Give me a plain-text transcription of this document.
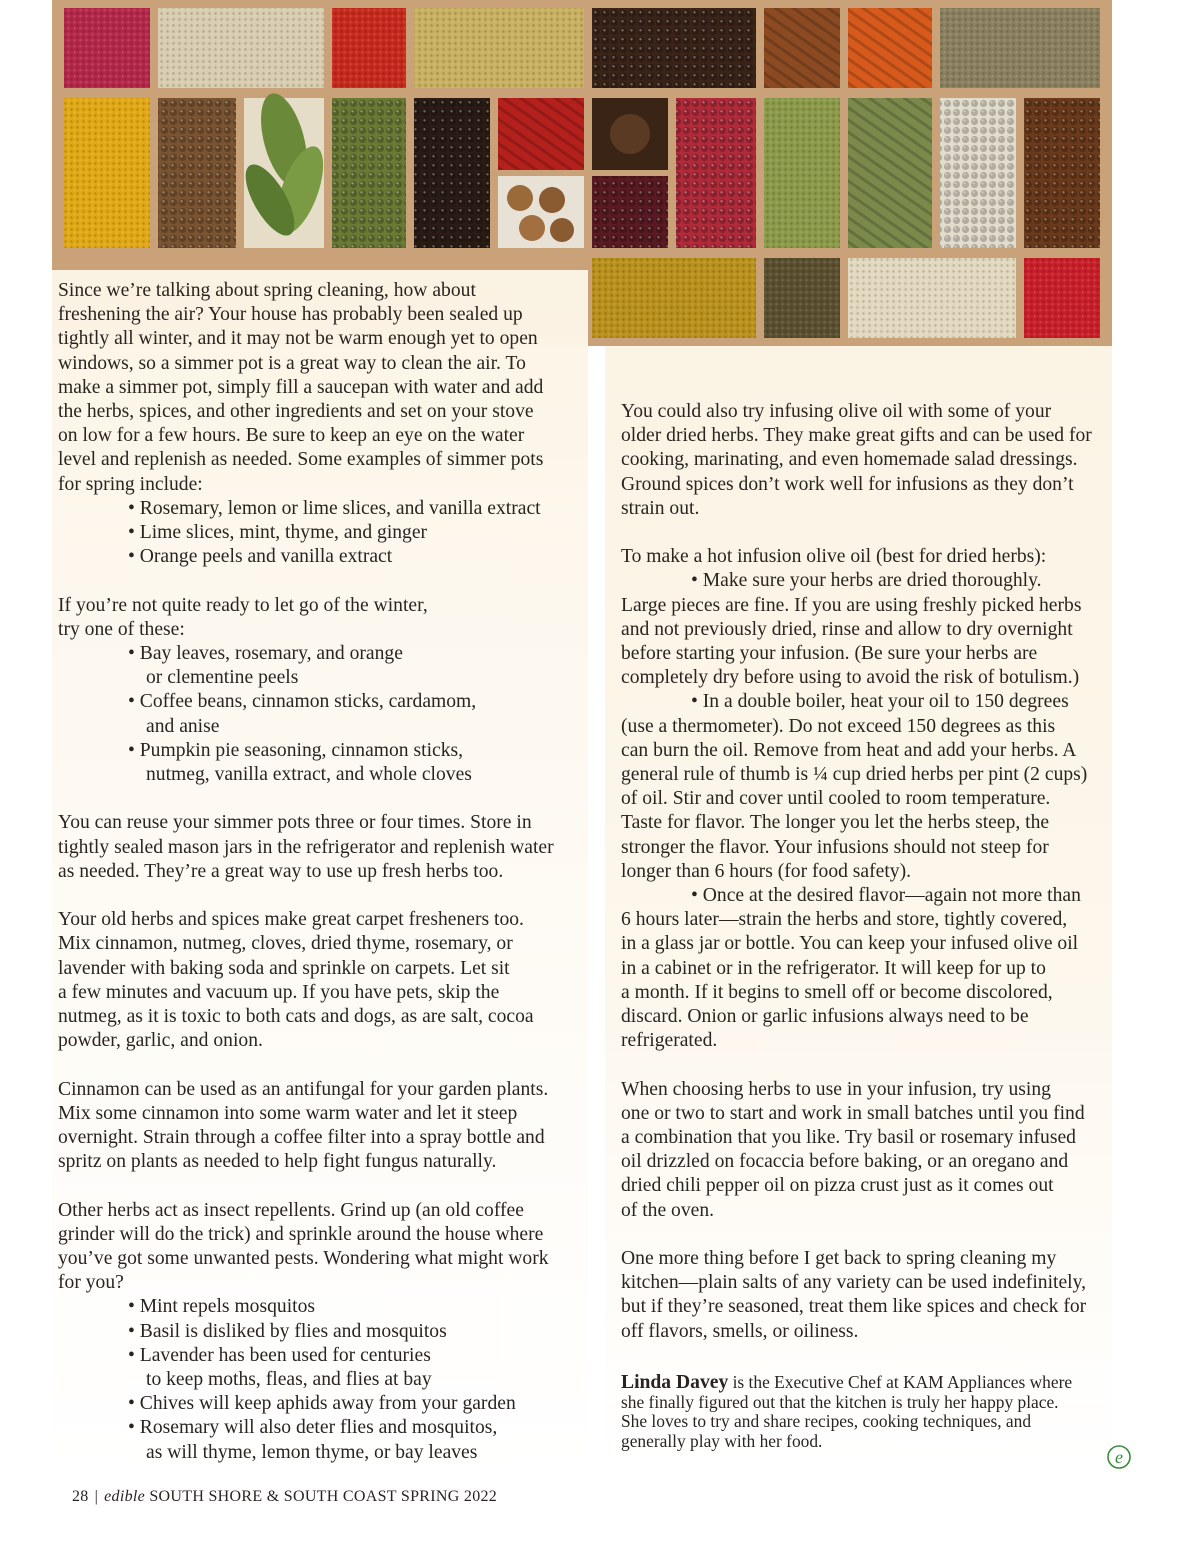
Since we’re talking about spring cleaning, how about

freshening the air? Your house has probably been sealed up

tightly all winter, and it may not be warm enough yet to open

windows, so a simmer pot is a great way to clean the air. To

make a simmer pot, simply fill a saucepan with water and add

the herbs, spices, and other ingredients and set on your stove

on low for a few hours. Be sure to keep an eye on the water

level and replenish as needed. Some examples of simmer pots

for spring include:

• Rosemary, lemon or lime slices, and vanilla extract

• Lime slices, mint, thyme, and ginger

• Orange peels and vanilla extract

If you’re not quite ready to let go of the winter,

try one of these:

• Bay leaves, rosemary, and orange

or clementine peels

• Coffee beans, cinnamon sticks, cardamom,

and anise

• Pumpkin pie seasoning, cinnamon sticks,

nutmeg, vanilla extract, and whole cloves

You can reuse your simmer pots three or four times. Store in

tightly sealed mason jars in the refrigerator and replenish water

as needed. They’re a great way to use up fresh herbs too.

Your old herbs and spices make great carpet fresheners too.

Mix cinnamon, nutmeg, cloves, dried thyme, rosemary, or

lavender with baking soda and sprinkle on carpets. Let sit

a few minutes and vacuum up. If you have pets, skip the

nutmeg, as it is toxic to both cats and dogs, as are salt, cocoa

powder, garlic, and onion.

Cinnamon can be used as an antifungal for your garden plants.

Mix some cinnamon into some warm water and let it steep

overnight. Strain through a coffee filter into a spray bottle and

spritz on plants as needed to help fight fungus naturally.

Other herbs act as insect repellents. Grind up (an old coffee

grinder will do the trick) and sprinkle around the house where

you’ve got some unwanted pests. Wondering what might work

for you?

• Mint repels mosquitos

• Basil is disliked by flies and mosquitos

• Lavender has been used for centuries

to keep moths, fleas, and flies at bay

• Chives will keep aphids away from your garden

• Rosemary will also deter flies and mosquitos,

as will thyme, lemon thyme, or bay leaves

You could also try infusing olive oil with some of your

older dried herbs. They make great gifts and can be used for

cooking, marinating, and even homemade salad dressings.

Ground spices don’t work well for infusions as they don’t

strain out.

To make a hot infusion olive oil (best for dried herbs):

• Make sure your herbs are dried thoroughly.

Large pieces are fine. If you are using freshly picked herbs

and not previously dried, rinse and allow to dry overnight

before starting your infusion. (Be sure your herbs are

completely dry before using to avoid the risk of botulism.)

• In a double boiler, heat your oil to 150 degrees

(use a thermometer). Do not exceed 150 degrees as this

can burn the oil. Remove from heat and add your herbs. A

general rule of thumb is ¼ cup dried herbs per pint (2 cups)

of oil. Stir and cover until cooled to room temperature.

Taste for flavor. The longer you let the herbs steep, the

stronger the flavor. Your infusions should not steep for

longer than 6 hours (for food safety).

• Once at the desired flavor—again not more than

6 hours later—strain the herbs and store, tightly covered,

in a glass jar or bottle. You can keep your infused olive oil

in a cabinet or in the refrigerator. It will keep for up to

a month. If it begins to smell off or become discolored,

discard. Onion or garlic infusions always need to be

refrigerated.

When choosing herbs to use in your infusion, try using

one or two to start and work in small batches until you find

a combination that you like. Try basil or rosemary infused

oil drizzled on focaccia before baking, or an oregano and

dried chili pepper oil on pizza crust just as it comes out

of the oven.

One more thing before I get back to spring cleaning my

kitchen—plain salts of any variety can be used indefinitely,

but if they’re seasoned, treat them like spices and check for

off flavors, smells, or oiliness.

Linda Davey is the Executive Chef at KAM Appliances where
she finally figured out that the kitchen is truly her happy place.
She loves to try and share recipes, cooking techniques, and
generally play with her food.
e
28 | edible SOUTH SHORE & SOUTH COAST SPRING 2022
